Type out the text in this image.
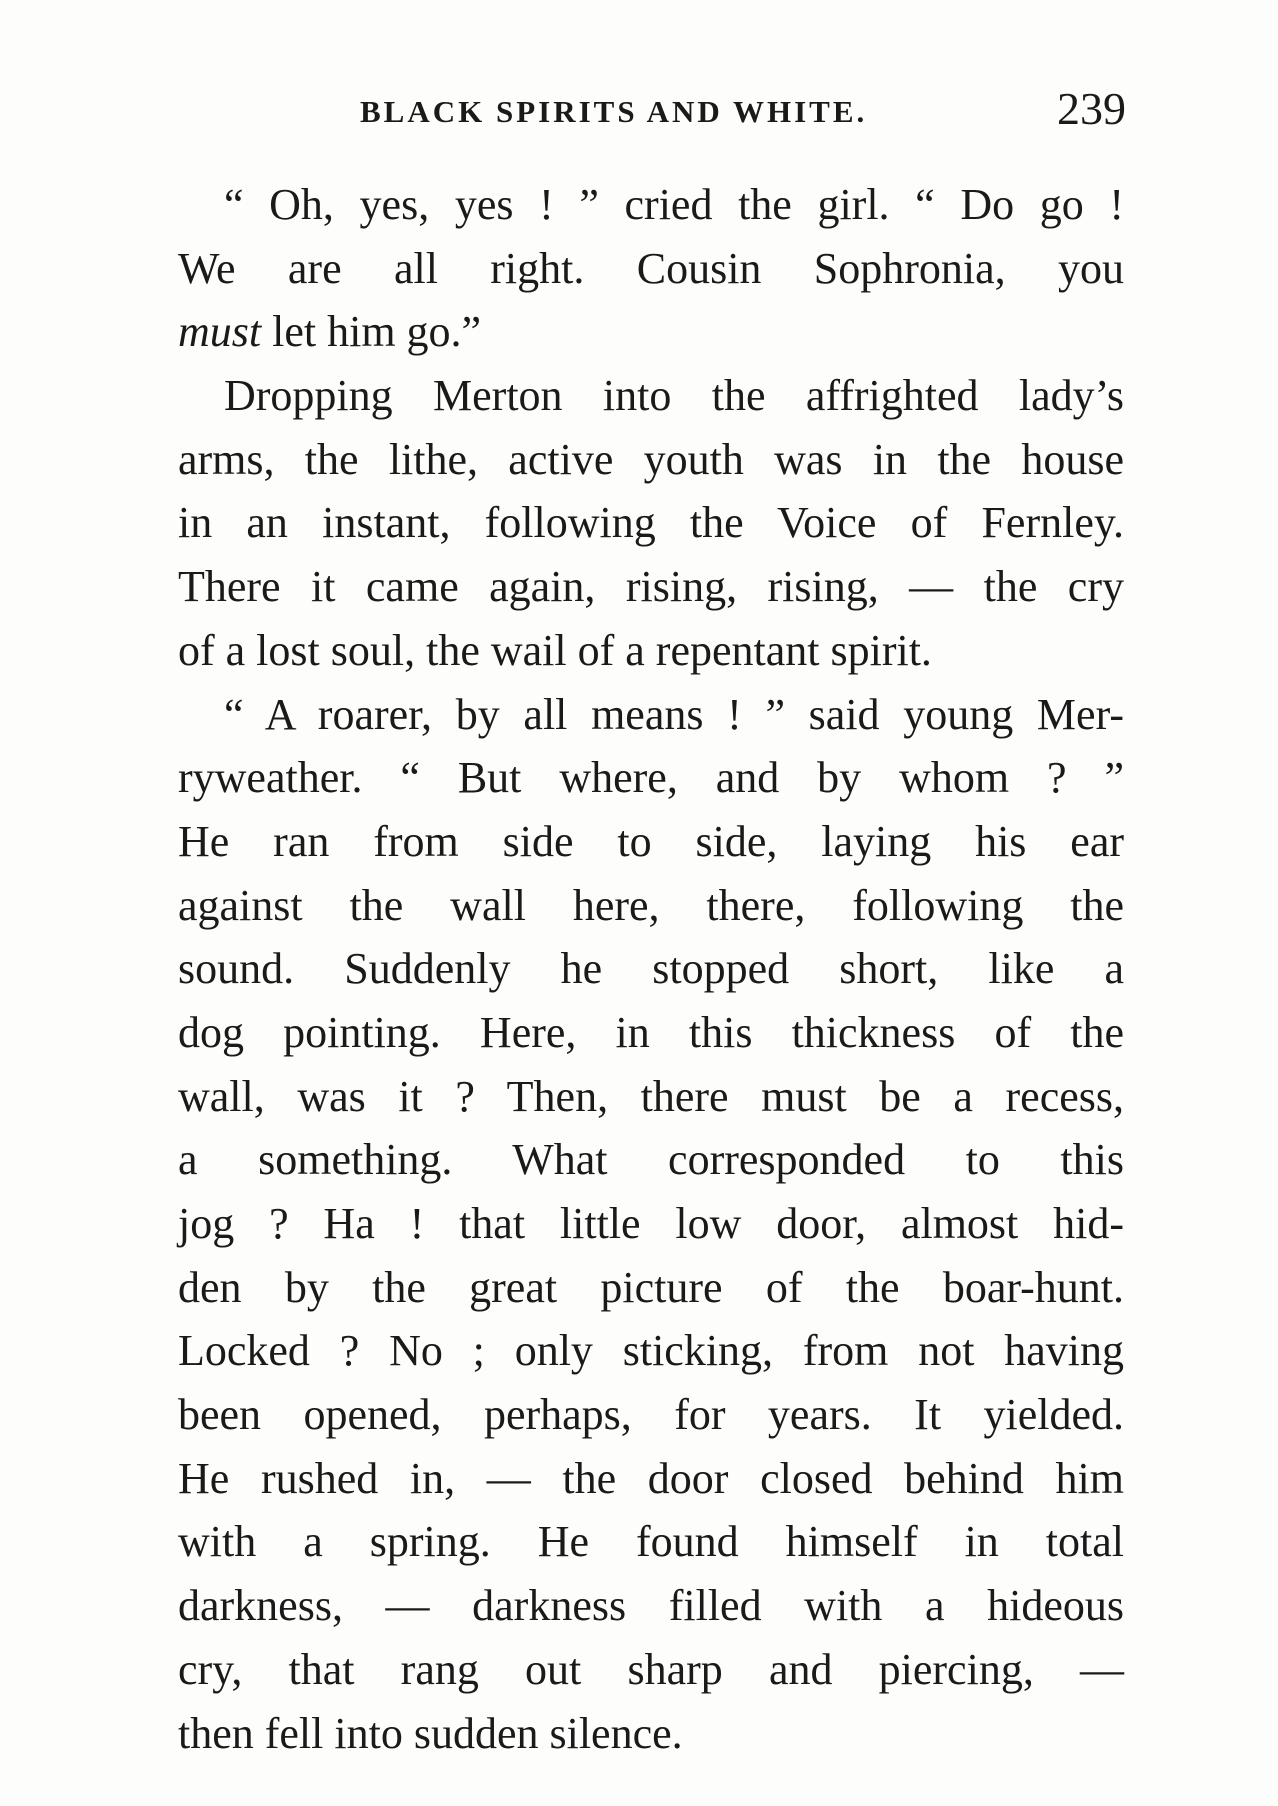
BLACK SPIRITS AND WHITE.	239
“ Oh, yes, yes ! ” cried the girl. “ Do go !
We are all right. Cousin Sophronia, you
must let him go.”
Dropping Merton into the affrighted lady’s
arms, the lithe, active youth was in the house
in an instant, following the Voice of Fernley.
There it came again, rising, rising, — the cry
of a lost soul, the wail of a repentant spirit.
“ A roarer, by all means ! ” said young Mer-
ryweather. “ But where, and by whom ? ”
He ran from side to side, laying his ear
against the wall here, there, following the
sound. Suddenly he stopped short, like a
dog pointing. Here, in this thickness of the
wall, was it ? Then, there must be a recess,
a something. What corresponded to this
jog ? Ha ! that little low door, almost hid-
den by the great picture of the boar-hunt.
Locked ? No ; only sticking, from not having
been opened, perhaps, for years. It yielded.
He rushed in, — the door closed behind him
with a spring. He found himself in total
darkness, — darkness filled with a hideous
cry, that rang out sharp and piercing, —
then fell into sudden silence.
